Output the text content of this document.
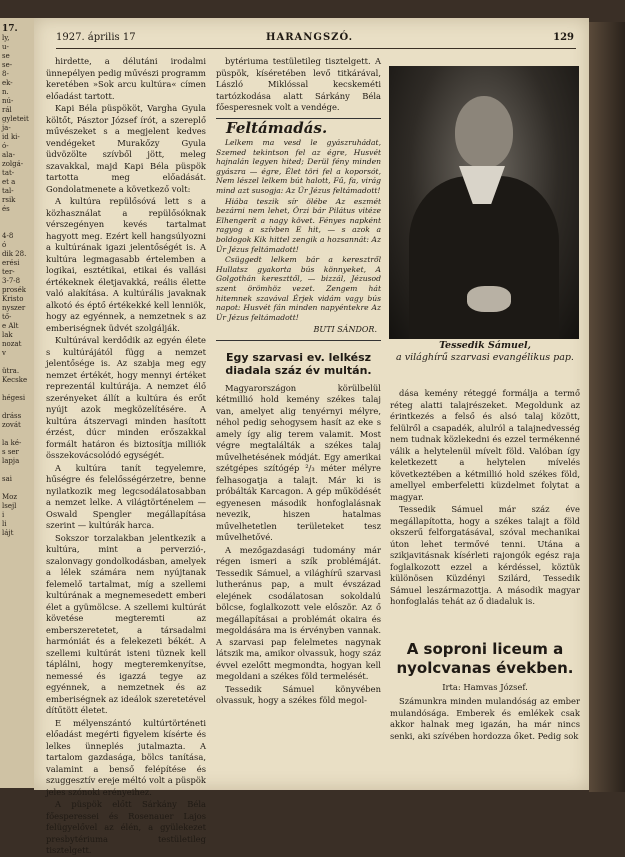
17.
ly,
u-
se
se-
8-
ek-
n.
nú-
rál
gyleteit
ja-
id ki-
ó-
ala-
zolgá-
tat-
et a
tal-
rsik
és

4-8
ó
dik 28.
erési
ter-
3-7-8
prosék
Kristo
nyszer
tő-
e Alt
lak
nozat
v

ütra.
Kecske

hégesi

dráss
zovát

la ké-
s ser
lapja

sai

Moz
lsejl
i
li
lájt
1927. április 17	HARANGSZÓ.	129

hirdette, a délutáni irodalmi ünnepélyen pedig művészi programm keretében »Sok arcu kultúra« címen előadást tartott.

Kapi Béla püspököt, Vargha Gyula költőt, Pásztor József írót, a szereplő művészeket s a megjelent kedves vendégeket Murakőzy Gyula üdvözölte szívből jött, meleg szavakkal, majd Kapi Béla püspök tartotta meg előadását. Gondolatmenete a következő volt:

A kultúra repülősóvá lett s a közhasználat a repülősóknak vérszegényen kevés tartalmat hagyott meg. Ezért kell hangsúlyozni a kultúrának igazi jelentőségét is. A kultúra legmagasabb értelemben a logikai, esztétikai, etikai és vallási értékeknek életjavakká, reális élette való alakítása. A kultúrális javaknak alkotó és éptő értékekké kell lenniök, hogy az egyénnek, a nemzetnek s az emberiségnek üdvét szolgálják.

Kultúrával kerdődik az egyén élete s kultúrájától függ a nemzet jelentősége is. Az szabja meg egy nemzet értékét, hogy mennyi értéket reprezentál kultúrája. A nemzet élő szerényeket állít a kultúra és erőt nyújt azok megközelítésére. A kultúra átszervagi minden hasított érzést, dúcr minden erőszakkal formált határon és biztosítja milliók összekovácsolódó egységét.

A kultúra tanít tegyelemre, hűségre és felelősségérzetre, benne nyilatkozik meg legcsodálatosabban a nemzet lelke. A világtörténelem — Oswald Spengler megállapítása szerint — kultúrák harca.

Sokszor torzalakban jelentkezik a kultúra, mint a perverzió-, szalonvagy gondolkodásban, amelyek a lélek számára nem nyújtanak felemelő tartalmat, míg a szellemi kultúrának a megnemesedett emberi élet a gyümölcse. A szellemi kultúrát követése megteremti az emberszeretetet, a társadalmi harmóniát és a felekezeti békét. A szellemi kultúrát isteni tüznek kell táplálni, hogy megteremkenyítse, nemessé és igazzá tegye az egyénnek, a nemzetnek és az emberiségnek az ideálok szeretetével dítűtött életet.

E mélyenszántó kultúrtörténeti előadást megérti figyelem kísérte és lelkes ünneplés jutalmazta. A tartalom gazdasága, bölcs tanítása, valamint a benső felépítése és szuggesztív ereje méltó volt a püspök jeles szónoki erényeihez.

A püspök előtt Sárkány Béla főesperessei és Rosenauer Lajos felügyelővel az élén, a gyülekezet presbytériuma testületileg tisztelgett.

bytériuma testületileg tisztelgett. A püspök, kíséretében levő titkárával, László Miklóssal kecskeméti tartózkodása alatt Sárkány Béla főesperesnek volt a vendége.

Feltámadás.

Lelkem ma vesd le gyászruhádat, Szemed tekintson fel az égre, Husvét hajnalán legyen hited; Derül fény minden gyászra — égre, Élet töri fel a koporsót, Nem lészel lelkem bút halott, Fű, fa, virág mind azt susogja: Az Úr Jézus feltámadott!

Hiába teszik sír ölébe Az eszmét bezárni nem lehet, Órzi bár Pilátus vitéze Elhengerít a nagy követ. Fényes napként ragyog a szívben E hit, — s azok a boldogok Kik hittel zengik a hozsannát: Az Úr Jézus feltámadott!

Csüggedt lelkem bár a keresztről Hullatsz gyakorta bús könnyeket, A Golgothán kereszttől, — bizzál, Jézusod szent örömhöz vezet. Zengem hát hitemnek szavával Érjek vidám vagy bús napot: Husvét fán minden napyéntekre Az Úr Jézus feltámadott!

BUTI SÁNDOR.
Egy szarvasi ev. lelkész diadala száz év multán.

Magyarországon körülbelül kétmillió hold kemény székes talaj van, amelyet alig tenyérnyi mélyre, néhol pedig sehogysem hasít az eke s amely így alig terem valamit. Most végre megtalálták a székes talaj művelhetésének módját. Egy amerikai szétgépes szítógép ²/₃ méter mélyre felhasogatja a talajt. Már ki is próbálták Karcagon. A gép működését egyenesen második honfoglalásnak nevezik, hiszen hatalmas művelhetetlen területeket tesz művelhetővé.

A mezőgazdasági tudomány már régen ismeri a szík problémáját. Tessedik Sámuel, a világhírű szarvasi lutheránus pap, a mult évszázad elejének csodálatosan sokoldalú bölcse, foglalkozott vele először. Az ő megállapításai a problémát okaira és megoldására ma is érvényben vannak. A szarvasi pap felelmetes nagynak látszik ma, amikor olvassuk, hogy száz évvel ezelőtt megmondta, hogyan kell megoldani a székes föld termelését.

Tessedik Sámuel könyvében olvassuk, hogy a székes föld megol-

Tessedik Sámuel,
a világhírű szarvasi evangélikus pap.

dása kemény réteggé formálja a termő réteg alatti talajrészeket. Megoldunk az érintkezés a felső és alsó talaj között, felülről a csapadék, alulról a talajnedvesség nem tudnak közlekedni és ezzel termékenné válik a helytelenül mívelt föld. Valóban így keletkezett a helytelen mívelés következtében a kétmillió hold székes föld, amellyel emberfeletti küzdelmet folytat a magyar.

Tessedik Sámuel már száz éve megállapította, hogy a székes talajt a föld okszerű felforgatásával, szóval mechanikai úton lehet termővé tenni. Utána a szikjavitásnak kísérleti rajongók egész raja foglalkozott ezzel a kérdéssel, köztük különösen Küzdényi Szilárd, Tessedik Sámuel leszármazottja. A második magyar honfoglalás tehát az ő diadaluk is.

A soproni liceum a nyolcvanas években.
Irta: Hamvas József.

Számunkra minden mulandóság az ember mulandósága. Emberek és emlékek csak akkor halnak meg igazán, ha már nincs senki, aki szívében hordozza őket. Pedig sok
